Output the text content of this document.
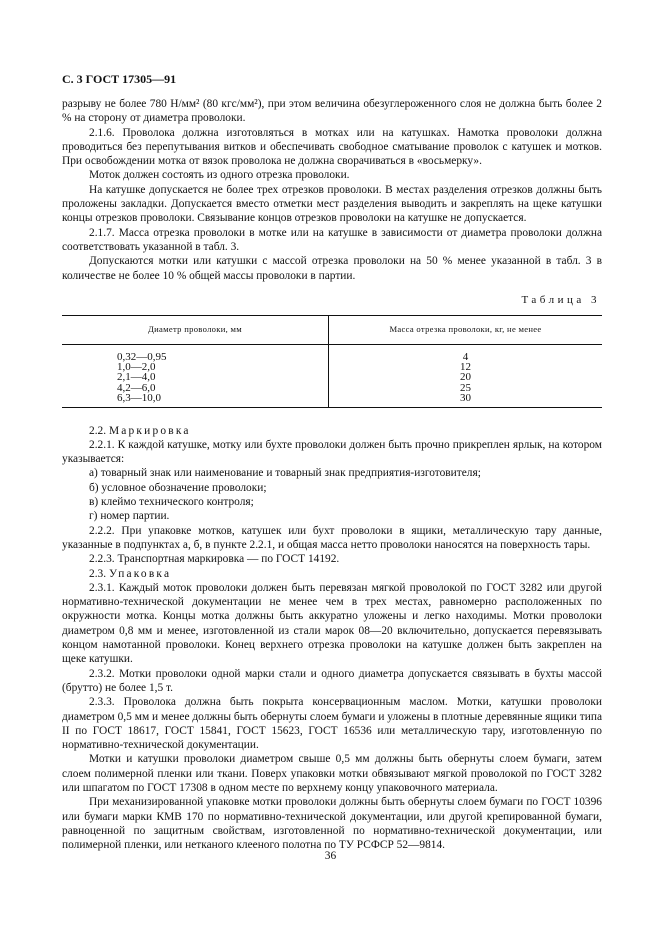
С. 3 ГОСТ 17305—91

разрыву не более 780 Н/мм² (80 кгс/мм²), при этом величина обезуглероженного слоя не должна быть более 2 % на сторону от диаметра проволоки.

2.1.6. Проволока должна изготовляться в мотках или на катушках. Намотка проволоки должна проводиться без перепутывания витков и обеспечивать свободное сматывание проволок с катушек и мотков. При освобождении мотка от вязок проволока не должна сворачиваться в «восьмерку».

Моток должен состоять из одного отрезка проволоки.

На катушке допускается не более трех отрезков проволоки. В местах разделения отрезков должны быть проложены закладки. Допускается вместо отметки мест разделения выводить и закреплять на щеке катушки концы отрезков проволоки. Связывание концов отрезков проволоки на катушке не допускается.

2.1.7. Масса отрезка проволоки в мотке или на катушке в зависимости от диаметра проволоки должна соответствовать указанной в табл. 3.

Допускаются мотки или катушки с массой отрезка проволоки на 50 % менее указанной в табл. 3 в количестве не более 10 % общей массы проволоки в партии.

Таблица 3
Диаметр проволоки, мм	Масса отрезка проволоки, кг, не менее
0,32—0,95	4
1,0—2,0	12
2,1—4,0	20
4,2—6,0	25
6,3—10,0	30

2.2. Маркировка

2.2.1. К каждой катушке, мотку или бухте проволоки должен быть прочно прикреплен ярлык, на котором указывается:

а) товарный знак или наименование и товарный знак предприятия-изготовителя;

б) условное обозначение проволоки;

в) клеймо технического контроля;

г) номер партии.

2.2.2. При упаковке мотков, катушек или бухт проволоки в ящики, металлическую тару данные, указанные в подпунктах а, б, в пункте 2.2.1, и общая масса нетто проволоки наносятся на поверхность тары.

2.2.3. Транспортная маркировка — по ГОСТ 14192.

2.3. Упаковка

2.3.1. Каждый моток проволоки должен быть перевязан мягкой проволокой по ГОСТ 3282 или другой нормативно-технической документации не менее чем в трех местах, равномерно расположенных по окружности мотка. Концы мотка должны быть аккуратно уложены и легко находимы. Мотки проволоки диаметром 0,8 мм и менее, изготовленной из стали марок 08—20 включительно, допускается перевязывать концом намотанной проволоки. Конец верхнего отрезка проволоки на катушке должен быть закреплен на щеке катушки.

2.3.2. Мотки проволоки одной марки стали и одного диаметра допускается связывать в бухты массой (брутто) не более 1,5 т.

2.3.3. Проволока должна быть покрыта консервационным маслом. Мотки, катушки проволоки диаметром 0,5 мм и менее должны быть обернуты слоем бумаги и уложены в плотные деревянные ящики типа II по ГОСТ 18617, ГОСТ 15841, ГОСТ 15623, ГОСТ 16536 или металлическую тару, изготовленную по нормативно-технической документации.

Мотки и катушки проволоки диаметром свыше 0,5 мм должны быть обернуты слоем бумаги, затем слоем полимерной пленки или ткани. Поверх упаковки мотки обвязывают мягкой проволокой по ГОСТ 3282 или шпагатом по ГОСТ 17308 в одном месте по верхнему концу упаковочного материала.

При механизированной упаковке мотки проволоки должны быть обернуты слоем бумаги по ГОСТ 10396 или бумаги марки КМВ 170 по нормативно-технической документации, или другой крепированной бумаги, равноценной по защитным свойствам, изготовленной по нормативно-технической документации, или полимерной пленки, или нетканого клееного полотна по ТУ РСФСР 52—9814.

36
